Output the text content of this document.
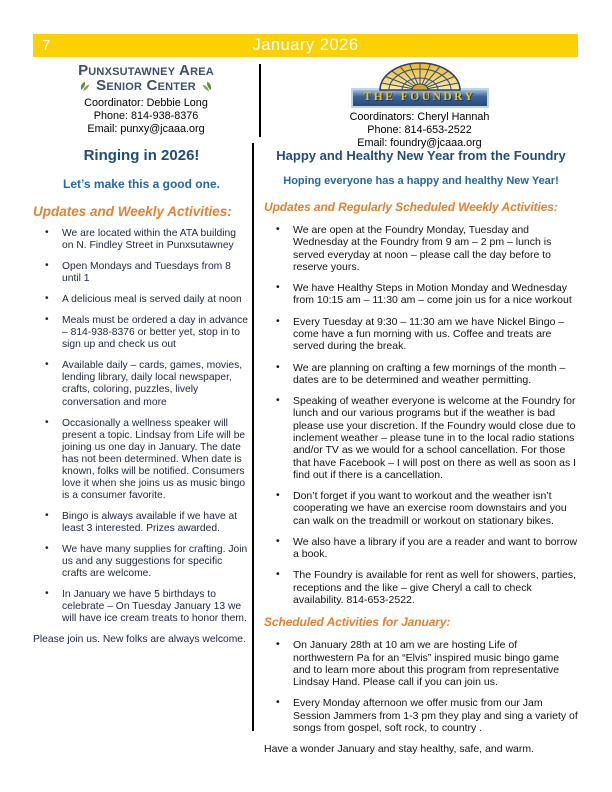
7	January 2026
Punxsutawney Area
Senior Center
Coordinator: Debbie Long
Phone: 814-938-8376
Email: punxy@jcaaa.org
THE FOUNDRY
Coordinators: Cheryl Hannah
Phone: 814-653-2522
Email: foundry@jcaaa.org
Ringing in 2026!
Let’s make this a good one.
Updates and Weekly Activities:
• We are located within the ATA building on N. Findley Street in Punxsutawney
• Open Mondays and Tuesdays from 8 until 1
• A delicious meal is served daily at noon
• Meals must be ordered a day in advance – 814-938-8376 or better yet, stop in to sign up and check us out
• Available daily – cards, games, movies, lending library, daily local newspaper, crafts, coloring, puzzles, lively conversation and more
• Occasionally a wellness speaker will present a topic. Lindsay from Life will be joining us one day in January. The date has not been determined. When date is known, folks will be notified. Consumers love it when she joins us as music bingo is a consumer favorite.
• Bingo is always available if we have at least 3 interested. Prizes awarded.
• We have many supplies for crafting. Join us and any suggestions for specific crafts are welcome.
• In January we have 5 birthdays to celebrate – On Tuesday January 13 we will have ice cream treats to honor them.

Please join us. New folks are always welcome.

Happy and Healthy New Year from the Foundry
Hoping everyone has a happy and healthy New Year!
Updates and Regularly Scheduled Weekly Activities:
• We are open at the Foundry Monday, Tuesday and Wednesday at the Foundry from 9 am – 2 pm – lunch is served everyday at noon – please call the day before to reserve yours.
• We have Healthy Steps in Motion Monday and Wednesday from 10:15 am – 11:30 am – come join us for a nice workout
• Every Tuesday at 9:30 – 11:30 am we have Nickel Bingo – come have a fun morning with us. Coffee and treats are served during the break.
• We are planning on crafting a few mornings of the month – dates are to be determined and weather permitting.
• Speaking of weather everyone is welcome at the Foundry for lunch and our various programs but if the weather is bad please use your discretion. If the Foundry would close due to inclement weather – please tune in to the local radio stations and/or TV as we would for a school cancellation. For those that have Facebook – I will post on there as well as soon as I find out if there is a cancellation.
• Don’t forget if you want to workout and the weather isn’t cooperating we have an exercise room downstairs and you can walk on the treadmill or workout on stationary bikes.
• We also have a library if you are a reader and want to borrow a book.
• The Foundry is available for rent as well for showers, parties, receptions and the like – give Cheryl a call to check availability. 814-653-2522.
Scheduled Activities for January:
• On January 28th at 10 am we are hosting Life of northwestern Pa for an “Elvis” inspired music bingo game and to learn more about this program from representative Lindsay Hand. Please call if you can join us.
• Every Monday afternoon we offer music from our Jam Session Jammers from 1-3 pm they play and sing a variety of songs from gospel, soft rock, to country .

Have a wonder January and stay healthy, safe, and warm.
